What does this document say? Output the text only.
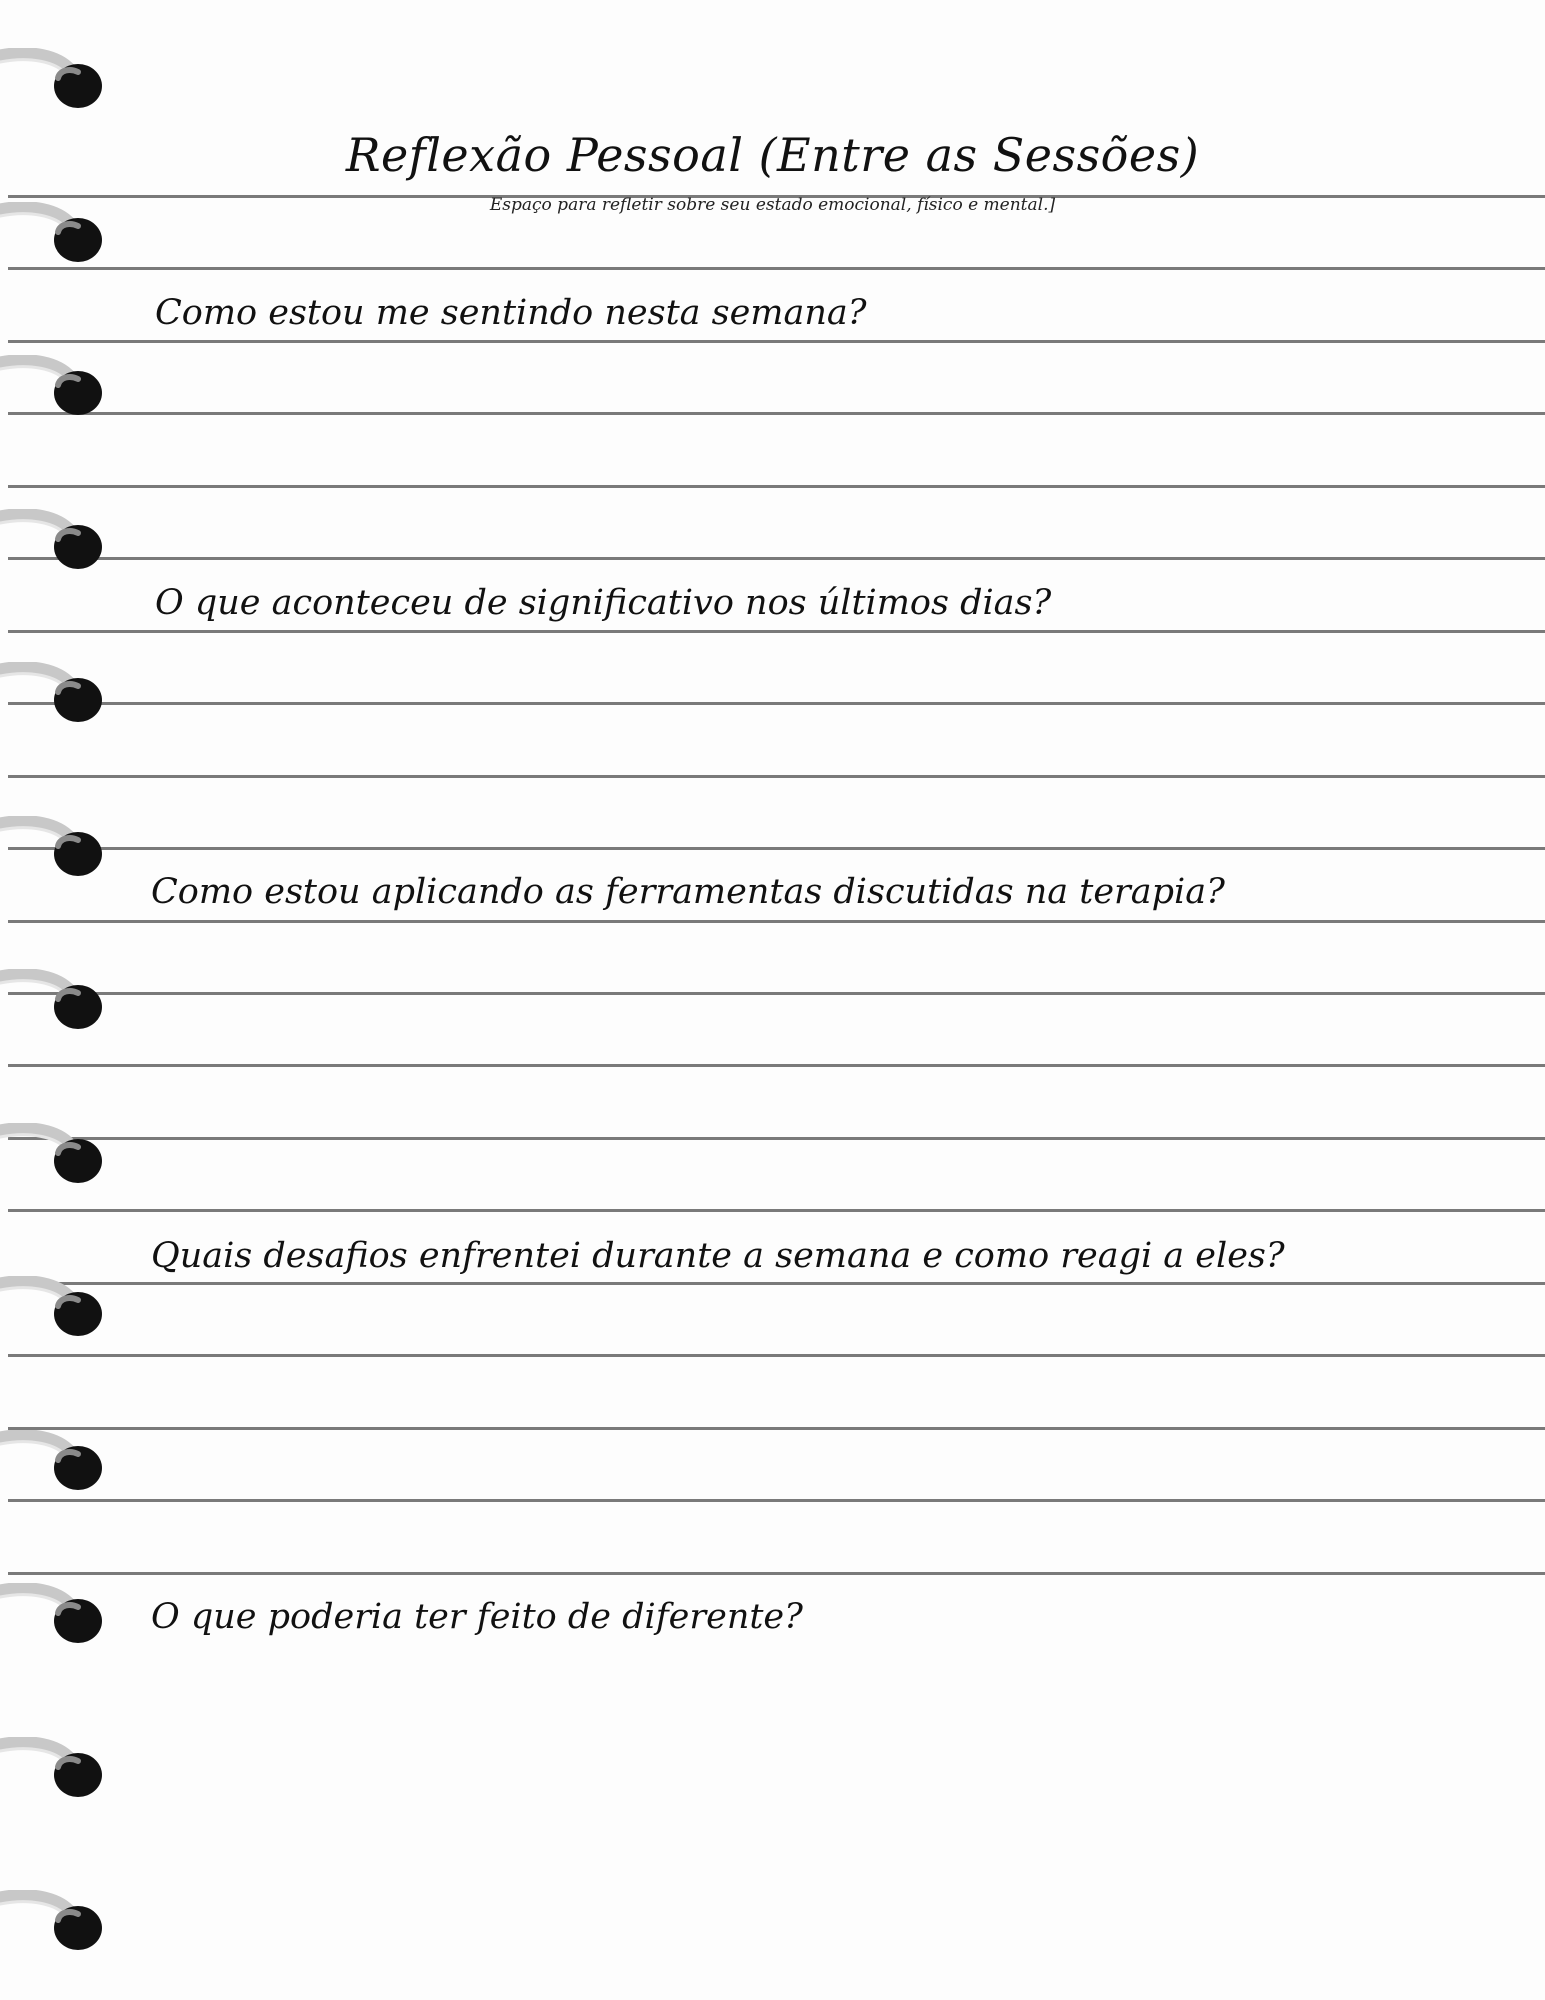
Reflexão Pessoal (Entre as Sessões)
Espaço para refletir sobre seu estado emocional, físico e mental.]
Como estou me sentindo nesta semana?
O que aconteceu de significativo nos últimos dias?
Como estou aplicando as ferramentas discutidas na terapia?
Quais desafios enfrentei durante a semana e como reagi a eles?
O que poderia ter feito de diferente?
